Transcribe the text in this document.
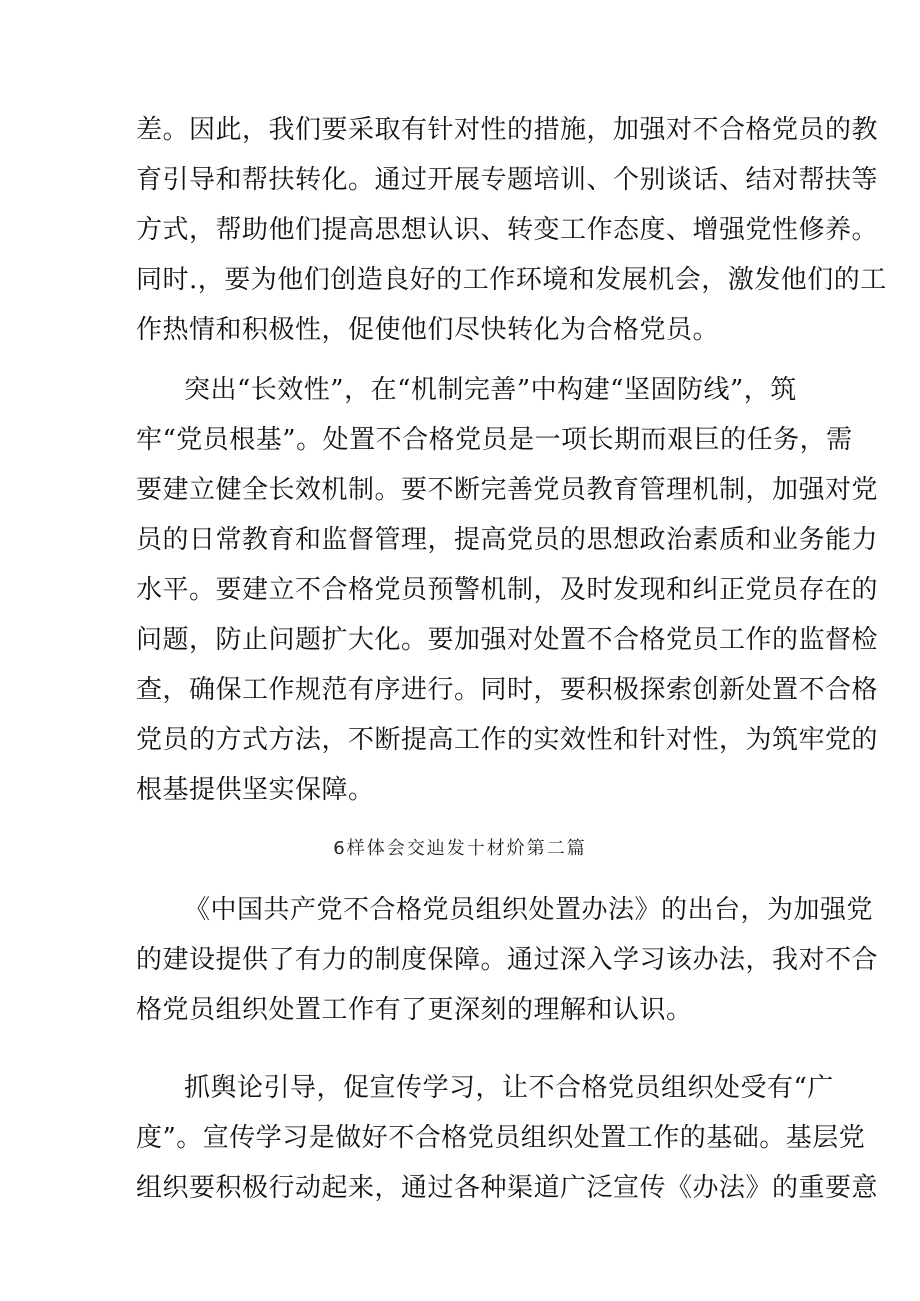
差。因此，我们要采取有针对性的措施，加强对不合格党员的教
育引导和帮扶转化。通过开展专题培训、个别谈话、结对帮扶等
方式，帮助他们提高思想认识、转变工作态度、增强党性修养。
同时.，要为他们创造良好的工作环境和发展机会，激发他们的工
作热情和积极性，促使他们尽快转化为合格党员。
突出“长效性”，在“机制完善”中构建“坚固防线”，筑
牢“党员根基”。处置不合格党员是一项长期而艰巨的任务，需
要建立健全长效机制。要不断完善党员教育管理机制，加强对党
员的日常教育和监督管理，提高党员的思想政治素质和业务能力
水平。要建立不合格党员预警机制，及时发现和纠正党员存在的
问题，防止问题扩大化。要加强对处置不合格党员工作的监督检
查，确保工作规范有序进行。同时，要积极探索创新处置不合格
党员的方式方法，不断提高工作的实效性和针对性，为筑牢党的
根基提供坚实保障。
6样体会交辿发十材炌第二篇
《中国共产党不合格党员组织处置办法》的出台，为加强党
的建设提供了有力的制度保障。通过深入学习该办法，我对不合
格党员组织处置工作有了更深刻的理解和认识。
抓舆论引导，促宣传学习，让不合格党员组织处受有“广
度”。宣传学习是做好不合格党员组织处置工作的基础。基层党
组织要积极行动起来，通过各种渠道广泛宣传《办法》的重要意
